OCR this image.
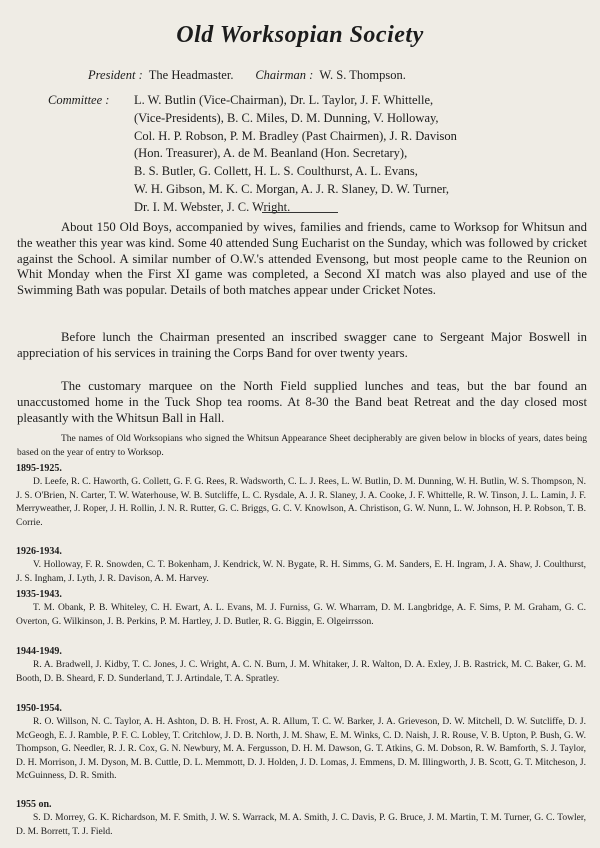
Old Worksopian Society
President : The Headmaster. Chairman : W. S. Thompson.
Committee : L. W. Butlin (Vice-Chairman), Dr. L. Taylor, J. F. Whittelle,
(Vice-Presidents), B. C. Miles, D. M. Dunning, V. Holloway,
Col. H. P. Robson, P. M. Bradley (Past Chairmen), J. R. Davison
(Hon. Treasurer), A. de M. Beanland (Hon. Secretary),
B. S. Butler, G. Collett, H. L. S. Coulthurst, A. L. Evans,
W. H. Gibson, M. K. C. Morgan, A. J. R. Slaney, D. W. Turner,
Dr. I. M. Webster, J. C. Wright.

About 150 Old Boys, accompanied by wives, families and friends, came to Worksop for Whitsun and the weather this year was kind. Some 40 attended Sung Eucharist on the Sunday, which was followed by cricket against the School. A similar number of O.W.'s attended Evensong, but most people came to the Reunion on Whit Monday when the First XI game was completed, a Second XI match was also played and use of the Swimming Bath was popular. Details of both matches appear under Cricket Notes.

Before lunch the Chairman presented an inscribed swagger cane to Sergeant Major Boswell in appreciation of his services in training the Corps Band for over twenty years.

The customary marquee on the North Field supplied lunches and teas, but the bar found an unaccustomed home in the Tuck Shop tea rooms. At 8-30 the Band beat Retreat and the day closed most pleasantly with the Whitsun Ball in Hall.

The names of Old Worksopians who signed the Whitsun Appearance Sheet decipherably are given below in blocks of years, dates being based on the year of entry to Worksop.
1895-1925.
D. Leefe, R. C. Haworth, G. Collett, G. F. G. Rees, R. Wadsworth, C. L. J. Rees, L. W. Butlin, D. M. Dunning, W. H. Butlin, W. S. Thompson, N. J. S. O'Brien, N. Carter, T. W. Waterhouse, W. B. Sutcliffe, L. C. Rysdale, A. J. R. Slaney, J. A. Cooke, J. F. Whittelle, R. W. Tinson, J. L. Lamin, J. F. Merryweather, J. Roper, J. H. Rollin, J. N. R. Rutter, G. C. Briggs, G. C. V. Knowlson, A. Christison, G. W. Nunn, L. W. Johnson, H. P. Robson, T. B. Corrie.
1926-1934.
V. Holloway, F. R. Snowden, C. T. Bokenham, J. Kendrick, W. N. Bygate, R. H. Simms, G. M. Sanders, E. H. Ingram, J. A. Shaw, J. Coulthurst, J. S. Ingham, J. Lyth, J. R. Davison, A. M. Harvey.
1935-1943.
T. M. Obank, P. B. Whiteley, C. H. Ewart, A. L. Evans, M. J. Furniss, G. W. Wharram, D. M. Langbridge, A. F. Sims, P. M. Graham, G. C. Overton, G. Wilkinson, J. B. Perkins, P. M. Hartley, J. D. Butler, R. G. Biggin, E. Olgeirrsson.
1944-1949.
R. A. Bradwell, J. Kidby, T. C. Jones, J. C. Wright, A. C. N. Burn, J. M. Whitaker, J. R. Walton, D. A. Exley, J. B. Rastrick, M. C. Baker, G. M. Booth, D. B. Sheard, F. D. Sunderland, T. J. Artindale, T. A. Spratley.
1950-1954.
R. O. Willson, N. C. Taylor, A. H. Ashton, D. B. H. Frost, A. R. Allum, T. C. W. Barker, J. A. Grieveson, D. W. Mitchell, D. W. Sutcliffe, D. J. McGeogh, E. J. Ramble, P. F. C. Lobley, T. Critchlow, J. D. B. North, J. M. Shaw, E. M. Winks, C. D. Naish, J. R. Rouse, V. B. Upton, P. Bush, G. W. Thompson, G. Needler, R. J. R. Cox, G. N. Newbury, M. A. Fergusson, D. H. M. Dawson, G. T. Atkins, G. M. Dobson, R. W. Bamforth, S. J. Taylor, D. H. Morrison, J. M. Dyson, M. B. Cuttle, D. L. Memmott, D. J. Holden, J. D. Lomas, J. Emmens, D. M. Illingworth, J. B. Scott, G. T. Mitcheson, J. McGuinness, D. R. Smith.
1955 on.
S. D. Morrey, G. K. Richardson, M. F. Smith, J. W. S. Warrack, M. A. Smith, J. C. Davis, P. G. Bruce, J. M. Martin, T. M. Turner, G. C. Towler, D. M. Borrett, T. J. Field.
